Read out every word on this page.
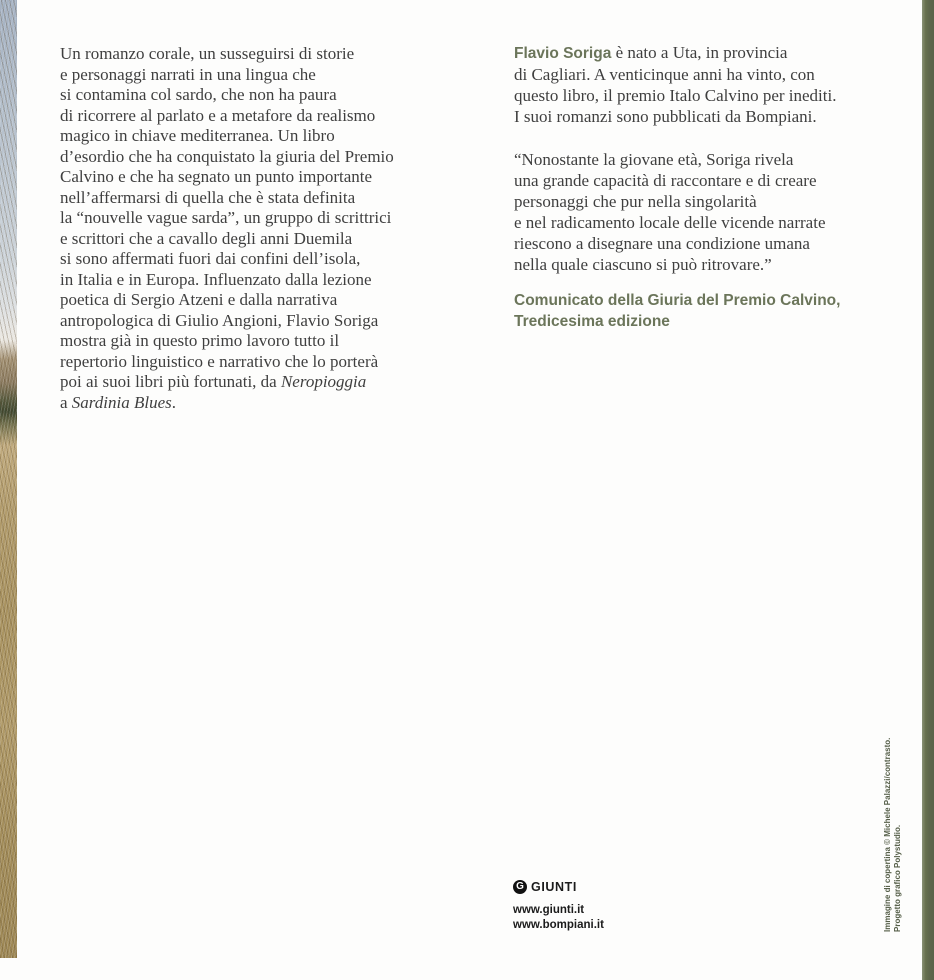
Un romanzo corale, un susseguirsi di storie
e personaggi narrati in una lingua che
si contamina col sardo, che non ha paura
di ricorrere al parlato e a metafore da realismo
magico in chiave mediterranea. Un libro
d’esordio che ha conquistato la giuria del Premio
Calvino e che ha segnato un punto importante
nell’affermarsi di quella che è stata definita
la “nouvelle vague sarda”, un gruppo di scrittrici
e scrittori che a cavallo degli anni Duemila
si sono affermati fuori dai confini dell’isola,
in Italia e in Europa. Influenzato dalla lezione
poetica di Sergio Atzeni e dalla narrativa
antropologica di Giulio Angioni, Flavio Soriga
mostra già in questo primo lavoro tutto il
repertorio linguistico e narrativo che lo porterà
poi ai suoi libri più fortunati, da Neropioggia
a Sardinia Blues.
Flavio Soriga è nato a Uta, in provincia
di Cagliari. A venticinque anni ha vinto, con
questo libro, il premio Italo Calvino per inediti.
I suoi romanzi sono pubblicati da Bompiani.
“Nonostante la giovane età, Soriga rivela
una grande capacità di raccontare e di creare
personaggi che pur nella singolarità
e nel radicamento locale delle vicende narrate
riescono a disegnare una condizione umana
nella quale ciascuno si può ritrovare.”
Comunicato della Giuria del Premio Calvino,
Tredicesima edizione
G GIUNTI
www.giunti.it
www.bompiani.it	Immagine di copertina © Michele Palazzi/contrasto. Progetto grafico Polystudio.
